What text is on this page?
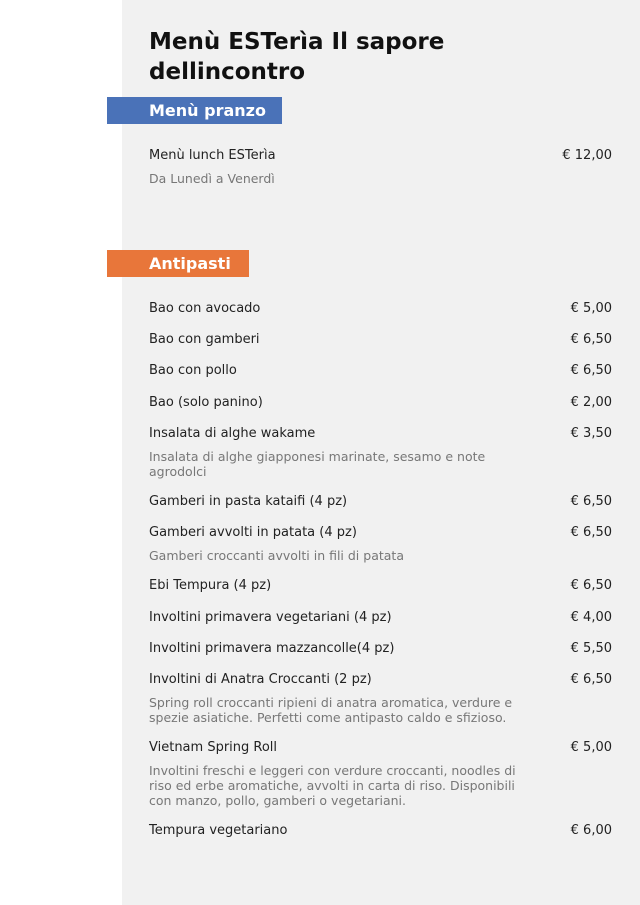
Menù ESTerìa Il sapore dellincontro
Menù pranzo
Menù lunch ESTerìa	€ 12,00
Da Lunedì a Venerdì
Antipasti
Bao con avocado	€ 5,00
Bao con gamberi	€ 6,50
Bao con pollo	€ 6,50
Bao (solo panino)	€ 2,00
Insalata di alghe wakame	€ 3,50
Insalata di alghe giapponesi marinate, sesamo e note agrodolci
Gamberi in pasta kataifi (4 pz)	€ 6,50
Gamberi avvolti in patata (4 pz)	€ 6,50
Gamberi croccanti avvolti in fili di patata
Ebi Tempura (4 pz)	€ 6,50
Involtini primavera vegetariani (4 pz)	€ 4,00
Involtini primavera mazzancolle(4 pz)	€ 5,50
Involtini di Anatra Croccanti (2 pz)	€ 6,50
Spring roll croccanti ripieni di anatra aromatica, verdure e spezie asiatiche. Perfetti come antipasto caldo e sfizioso.
Vietnam Spring Roll	€ 5,00
Involtini freschi e leggeri con verdure croccanti, noodles di riso ed erbe aromatiche, avvolti in carta di riso. Disponibili con manzo, pollo, gamberi o vegetariani.
Tempura vegetariano	€ 6,00
